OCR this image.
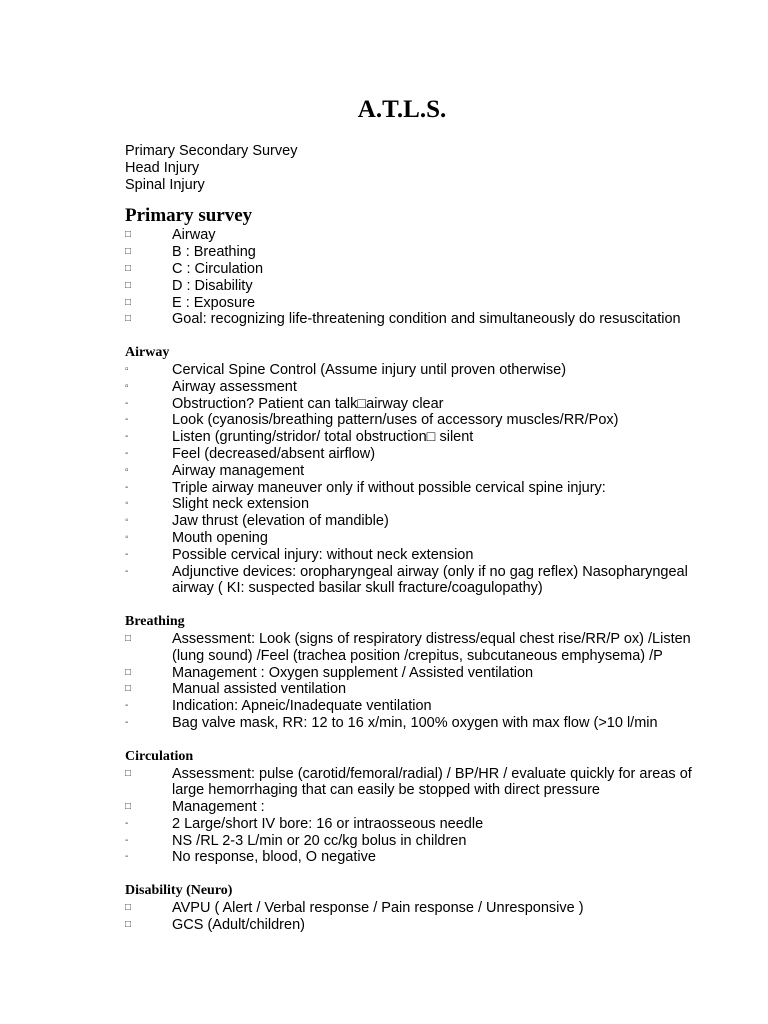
A.T.L.S.

Primary Secondary Survey

Head Injury

Spinal Injury

Primary survey
□	Airway
□	B : Breathing
□	C : Circulation
□	D : Disability
□	E : Exposure
□	Goal: recognizing life-threatening condition and simultaneously do resuscitation
Airway
▫	Cervical Spine Control (Assume injury until proven otherwise)
▫	Airway assessment
-	Obstruction? Patient can talk□airway clear
-	Look (cyanosis/breathing pattern/uses of accessory muscles/RR/Pox)
-	Listen (grunting/stridor/ total obstruction□ silent
-	Feel (decreased/absent airflow)
▫	Airway management
-	Triple airway maneuver only if without possible cervical spine injury:
◦	Slight neck extension
◦	Jaw thrust (elevation of mandible)
◦	Mouth opening
-	Possible cervical injury: without neck extension
-	Adjunctive devices: oropharyngeal airway (only if no gag reflex) Nasopharyngeal airway ( KI: suspected basilar skull fracture/coagulopathy)
Breathing
□	Assessment: Look (signs of respiratory distress/equal chest rise/RR/P ox) /Listen (lung sound) /Feel (trachea position /crepitus, subcutaneous emphysema) /P
□	Management : Oxygen supplement / Assisted ventilation
□	Manual assisted ventilation
-	Indication: Apneic/Inadequate ventilation
-	Bag valve mask, RR: 12 to 16 x/min, 100% oxygen with max flow (>10 l/min
Circulation
□	Assessment: pulse (carotid/femoral/radial) / BP/HR / evaluate quickly for areas of large hemorrhaging that can easily be stopped with direct pressure
□	Management :
-	2 Large/short IV bore: 16 or intraosseous needle
-	NS /RL 2-3 L/min or 20 cc/kg bolus in children
-	No response, blood, O negative
Disability (Neuro)
□	AVPU ( Alert / Verbal response / Pain response / Unresponsive )
□	GCS (Adult/children)
